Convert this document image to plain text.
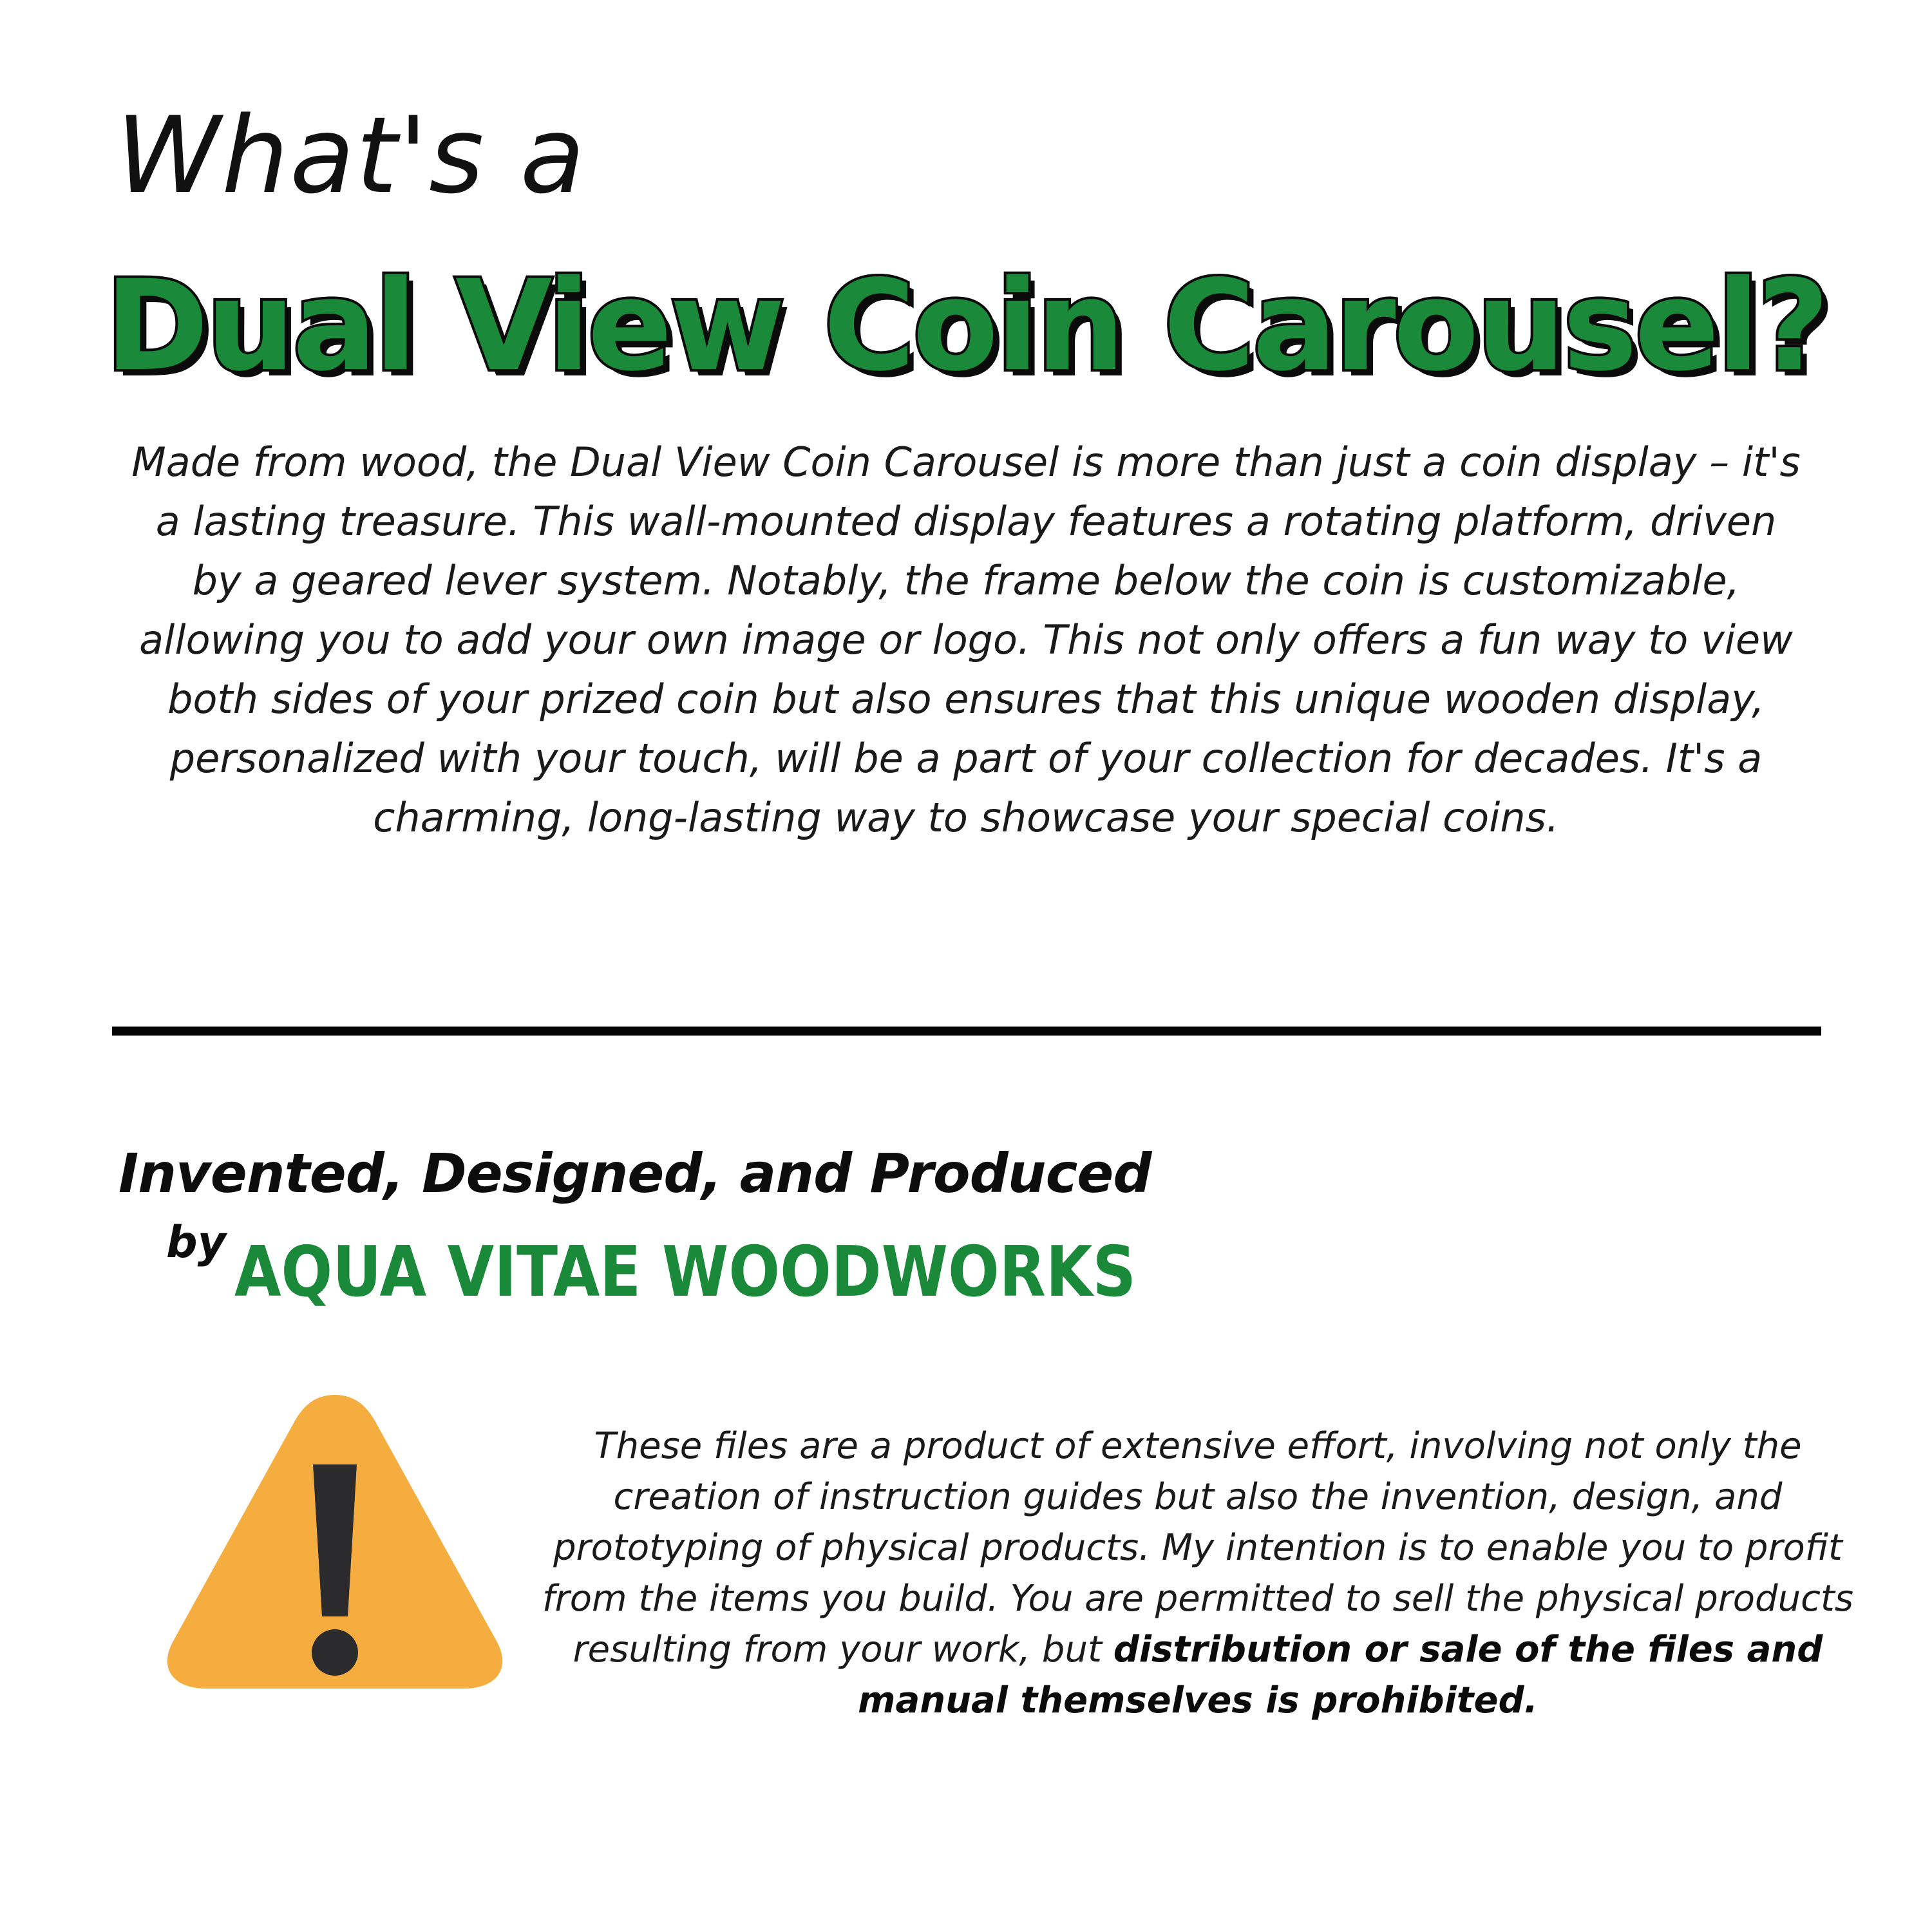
What's a
Dual View Coin Carousel?

Made from wood, the Dual View Coin Carousel is more than just a coin display – it's a lasting treasure. This wall-mounted display features a rotating platform, driven by a geared lever system. Notably, the frame below the coin is customizable, allowing you to add your own image or logo. This not only offers a fun way to view both sides of your prized coin but also ensures that this unique wooden display, personalized with your touch, will be a part of your collection for decades. It's a charming, long-lasting way to showcase your special coins.

Invented, Designed, and Produced

by AQUA VITAE WOODWORKS

These files are a product of extensive effort, involving not only the creation of instruction guides but also the invention, design, and prototyping of physical products. My intention is to enable you to profit from the items you build. You are permitted to sell the physical products resulting from your work, but distribution or sale of the files and manual themselves is prohibited.
